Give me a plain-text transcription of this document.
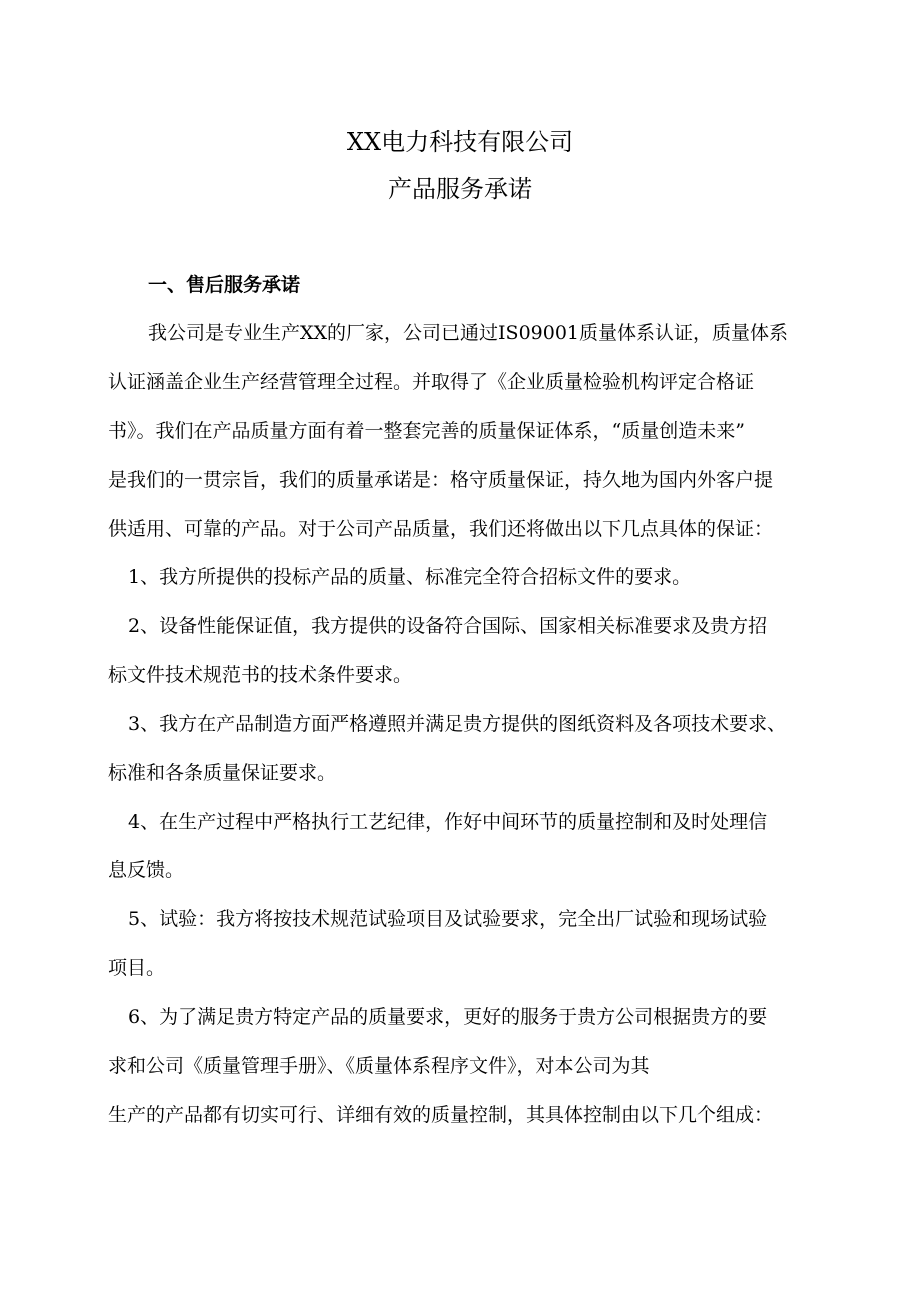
XX电力科技有限公司
产品服务承诺
一、售后服务承诺
我公司是专业生产XX的厂家，公司已通过IS09001质量体系认证，质量体系
认证涵盖企业生产经营管理全过程。并取得了《企业质量检验机构评定合格证
书》。我们在产品质量方面有着一整套完善的质量保证体系，“质量创造未来”
是我们的一贯宗旨，我们的质量承诺是：格守质量保证，持久地为国内外客户提
供适用、可靠的产品。对于公司产品质量，我们还将做出以下几点具体的保证：
1、我方所提供的投标产品的质量、标准完全符合招标文件的要求。
2、设备性能保证值，我方提供的设备符合国际、国家相关标准要求及贵方招
标文件技术规范书的技术条件要求。
3、我方在产品制造方面严格遵照并满足贵方提供的图纸资料及各项技术要求、
标准和各条质量保证要求。
4、在生产过程中严格执行工艺纪律，作好中间环节的质量控制和及时处理信
息反馈。
5、试验：我方将按技术规范试验项目及试验要求，完全出厂试验和现场试验
项目。
6、为了满足贵方特定产品的质量要求，更好的服务于贵方公司根据贵方的要
求和公司《质量管理手册》、《质量体系程序文件》，对本公司为其
生产的产品都有切实可行、详细有效的质量控制，其具体控制由以下几个组成：
